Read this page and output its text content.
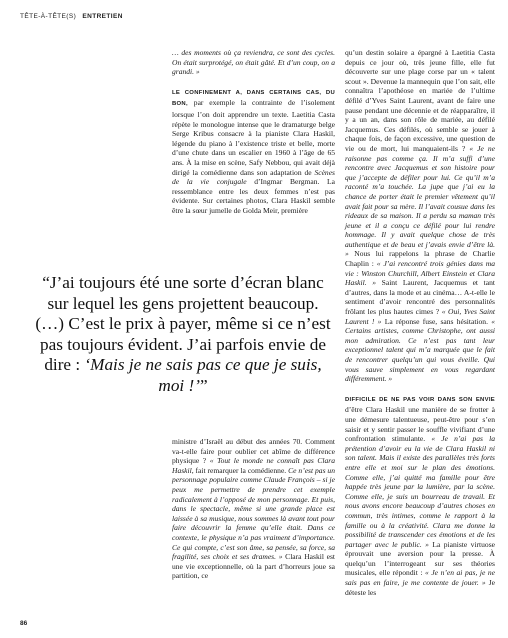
TÊTE-À-TÊTE(S) ENTRETIEN

… des moments où ça reviendra, ce sont des cycles. On était surprotégé, on était gâté. Et d’un coup, on a grandi. »

LE CONFINEMENT A, DANS CERTAINS CAS, DU BON, par exemple la contrainte de l’isolement lorsque l’on doit apprendre un texte. Laetitia Casta répète le monologue intense que le dramaturge belge Serge Kribus consacre à la pianiste Clara Haskil, légende du piano à l’existence triste et belle, morte d’une chute dans un escalier en 1960 à l’âge de 65 ans. À la mise en scène, Safy Nebbou, qui avait déjà dirigé la comédienne dans son adaptation de Scènes de la vie conjugale d’Ingmar Bergman. La ressemblance entre les deux femmes n’est pas évidente. Sur certaines photos, Clara Haskil semble être la sœur jumelle de Golda Meir, première

“J’ai toujours été une sorte d’écran blanc sur lequel les gens projettent beaucoup. (…) C’est le prix à payer, même si ce n’est pas toujours évident. J’ai parfois envie de dire : ‘Mais je ne sais pas ce que je suis, moi !’”

ministre d’Israël au début des années 70. Comment va-t-elle faire pour oublier cet abîme de différence physique ? « Tout le monde ne connaît pas Clara Haskil, fait remarquer la comédienne. Ce n’est pas un personnage populaire comme Claude François – si je peux me permettre de prendre cet exemple radicalement à l’opposé de mon personnage. Et puis, dans le spectacle, même si une grande place est laissée à sa musique, nous sommes là avant tout pour faire découvrir la femme qu’elle était. Dans ce contexte, le physique n’a pas vraiment d’importance. Ce qui compte, c’est son âme, sa pensée, sa force, sa fragilité, ses choix et ses drames. » Clara Haskil est une vie exceptionnelle, où la part d’horreurs joue sa partition, ce

qu’un destin solaire a épargné à Laetitia Casta depuis ce jour où, très jeune fille, elle fut découverte sur une plage corse par un « talent scout ». Devenue la mannequin que l’on sait, elle connaîtra l’apothéose en mariée de l’ultime défilé d’Yves Saint Laurent, avant de faire une pause pendant une décennie et de réapparaître, il y a un an, dans son rôle de mariée, au défilé Jacquemus. Ces défilés, où semble se jouer à chaque fois, de façon excessive, une question de vie ou de mort, lui manquaient-ils ? « Je ne raisonne pas comme ça. Il m’a suffi d’une rencontre avec Jacquemus et son histoire pour que j’accepte de défiler pour lui. Ce qu’il m’a raconté m’a touchée. La jupe que j’ai eu la chance de porter était le premier vêtement qu’il avait fait pour sa mère. Il l’avait cousue dans les rideaux de sa maison. Il a perdu sa maman très jeune et il a conçu ce défilé pour lui rendre hommage. Il y avait quelque chose de très authentique et de beau et j’avais envie d’être là. » Nous lui rappelons la phrase de Charlie Chaplin : « J’ai rencontré trois génies dans ma vie : Winston Churchill, Albert Einstein et Clara Haskil. » Saint Laurent, Jacquemus et tant d’autres, dans la mode et au cinéma… A-t-elle le sentiment d’avoir rencontré des personnalités frôlant les plus hautes cimes ? « Oui, Yves Saint Laurent ! » La réponse fuse, sans hésitation. « Certains artistes, comme Christophe, ont aussi mon admiration. Ce n’est pas tant leur exceptionnel talent qui m’a marquée que le fait de rencontrer quelqu’un qui vous éveille. Qui vous sauve simplement en vous regardant différemment. »

DIFFICILE DE NE PAS VOIR DANS SON ENVIE d’être Clara Haskil une manière de se frotter à une démesure talentueuse, peut-être pour s’en saisir et y sentir passer le souffle vivifiant d’une confrontation stimulante. « Je n’ai pas la prétention d’avoir eu la vie de Clara Haskil ni son talent. Mais il existe des parallèles très forts entre elle et moi sur le plan des émotions. Comme elle, j’ai quitté ma famille pour être happée très jeune par la lumière, par la scène. Comme elle, je suis un bourreau de travail. Et nous avons encore beaucoup d’autres choses en commun, très intimes, comme le rapport à la famille ou à la créativité. Clara me donne la possibilité de transcender ces émotions et de les partager avec le public. » La pianiste virtuose éprouvait une aversion pour la presse. À quelqu’un l’interrogeant sur ses théories musicales, elle répondit : « Je n’en ai pas, je ne sais pas en faire, je me contente de jouer. » Je déteste les

86
